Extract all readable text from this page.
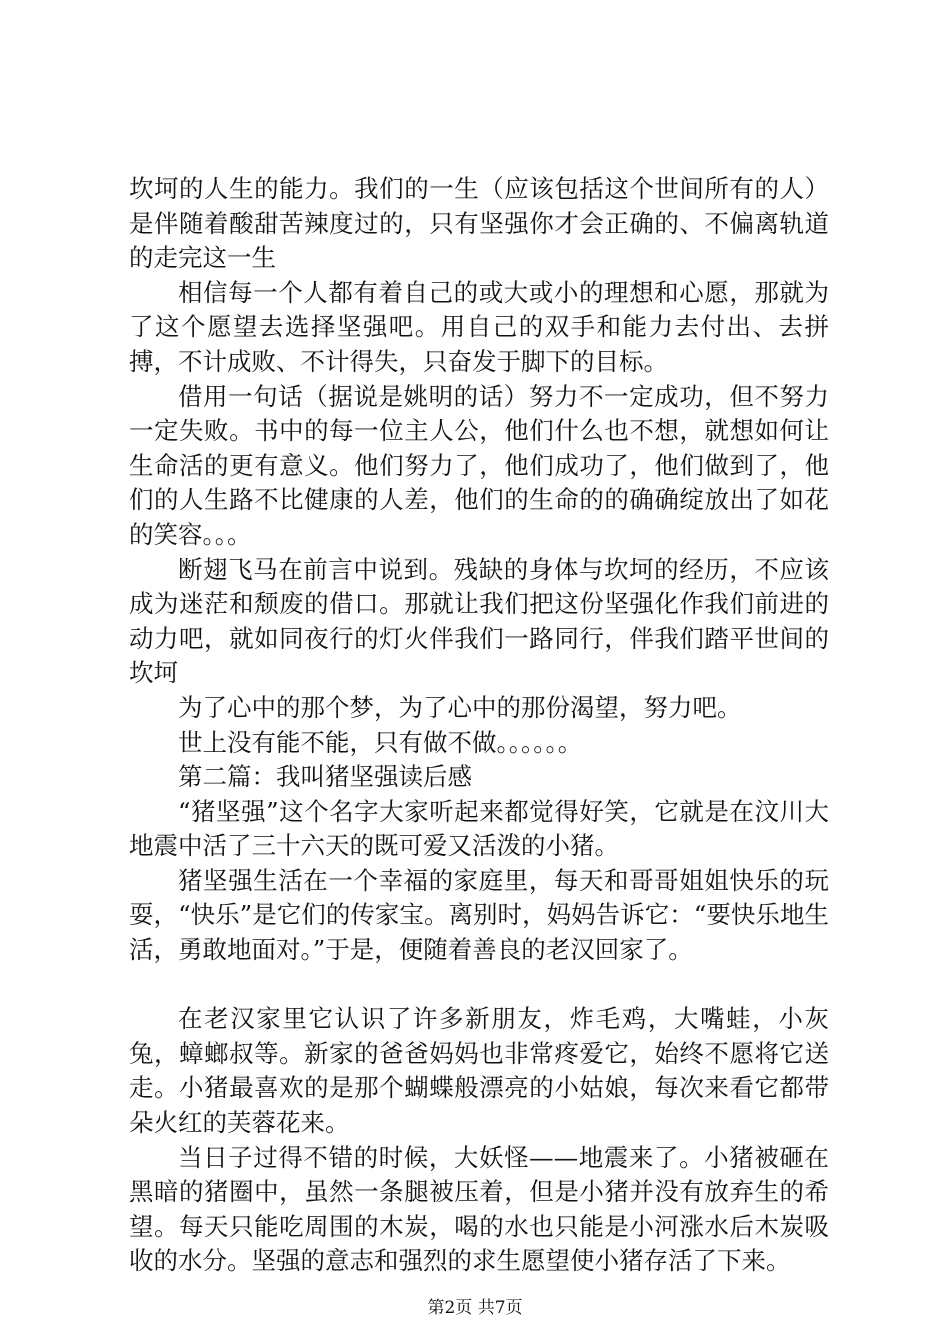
坎坷的人生的能力。我们的一生（应该包括这个世间所有的人）是伴随着酸甜苦辣度过的，只有坚强你才会正确的、不偏离轨道的走完这一生

相信每一个人都有着自己的或大或小的理想和心愿，那就为了这个愿望去选择坚强吧。用自己的双手和能力去付出、去拼搏，不计成败、不计得失，只奋发于脚下的目标。

借用一句话（据说是姚明的话）努力不一定成功，但不努力一定失败。书中的每一位主人公，他们什么也不想，就想如何让生命活的更有意义。他们努力了，他们成功了，他们做到了，他们的人生路不比健康的人差，他们的生命的的确确绽放出了如花的笑容。。。

断翅飞马在前言中说到。残缺的身体与坎坷的经历，不应该成为迷茫和颓废的借口。那就让我们把这份坚强化作我们前进的动力吧，就如同夜行的灯火伴我们一路同行，伴我们踏平世间的坎坷

为了心中的那个梦，为了心中的那份渴望，努力吧。

世上没有能不能，只有做不做。。。。。。

第二篇：我叫猪坚强读后感

“猪坚强”这个名字大家听起来都觉得好笑，它就是在汶川大地震中活了三十六天的既可爱又活泼的小猪。

猪坚强生活在一个幸福的家庭里，每天和哥哥姐姐快乐的玩耍，“快乐”是它们的传家宝。离别时，妈妈告诉它：“要快乐地生活，勇敢地面对。”于是，便随着善良的老汉回家了。

在老汉家里它认识了许多新朋友，炸毛鸡，大嘴蛙，小灰兔，蟑螂叔等。新家的爸爸妈妈也非常疼爱它，始终不愿将它送走。小猪最喜欢的是那个蝴蝶般漂亮的小姑娘，每次来看它都带朵火红的芙蓉花来。

当日子过得不错的时候，大妖怪——地震来了。小猪被砸在黑暗的猪圈中，虽然一条腿被压着，但是小猪并没有放弃生的希望。每天只能吃周围的木炭，喝的水也只能是小河涨水后木炭吸收的水分。坚强的意志和强烈的求生愿望使小猪存活了下来。

第2页 共7页
